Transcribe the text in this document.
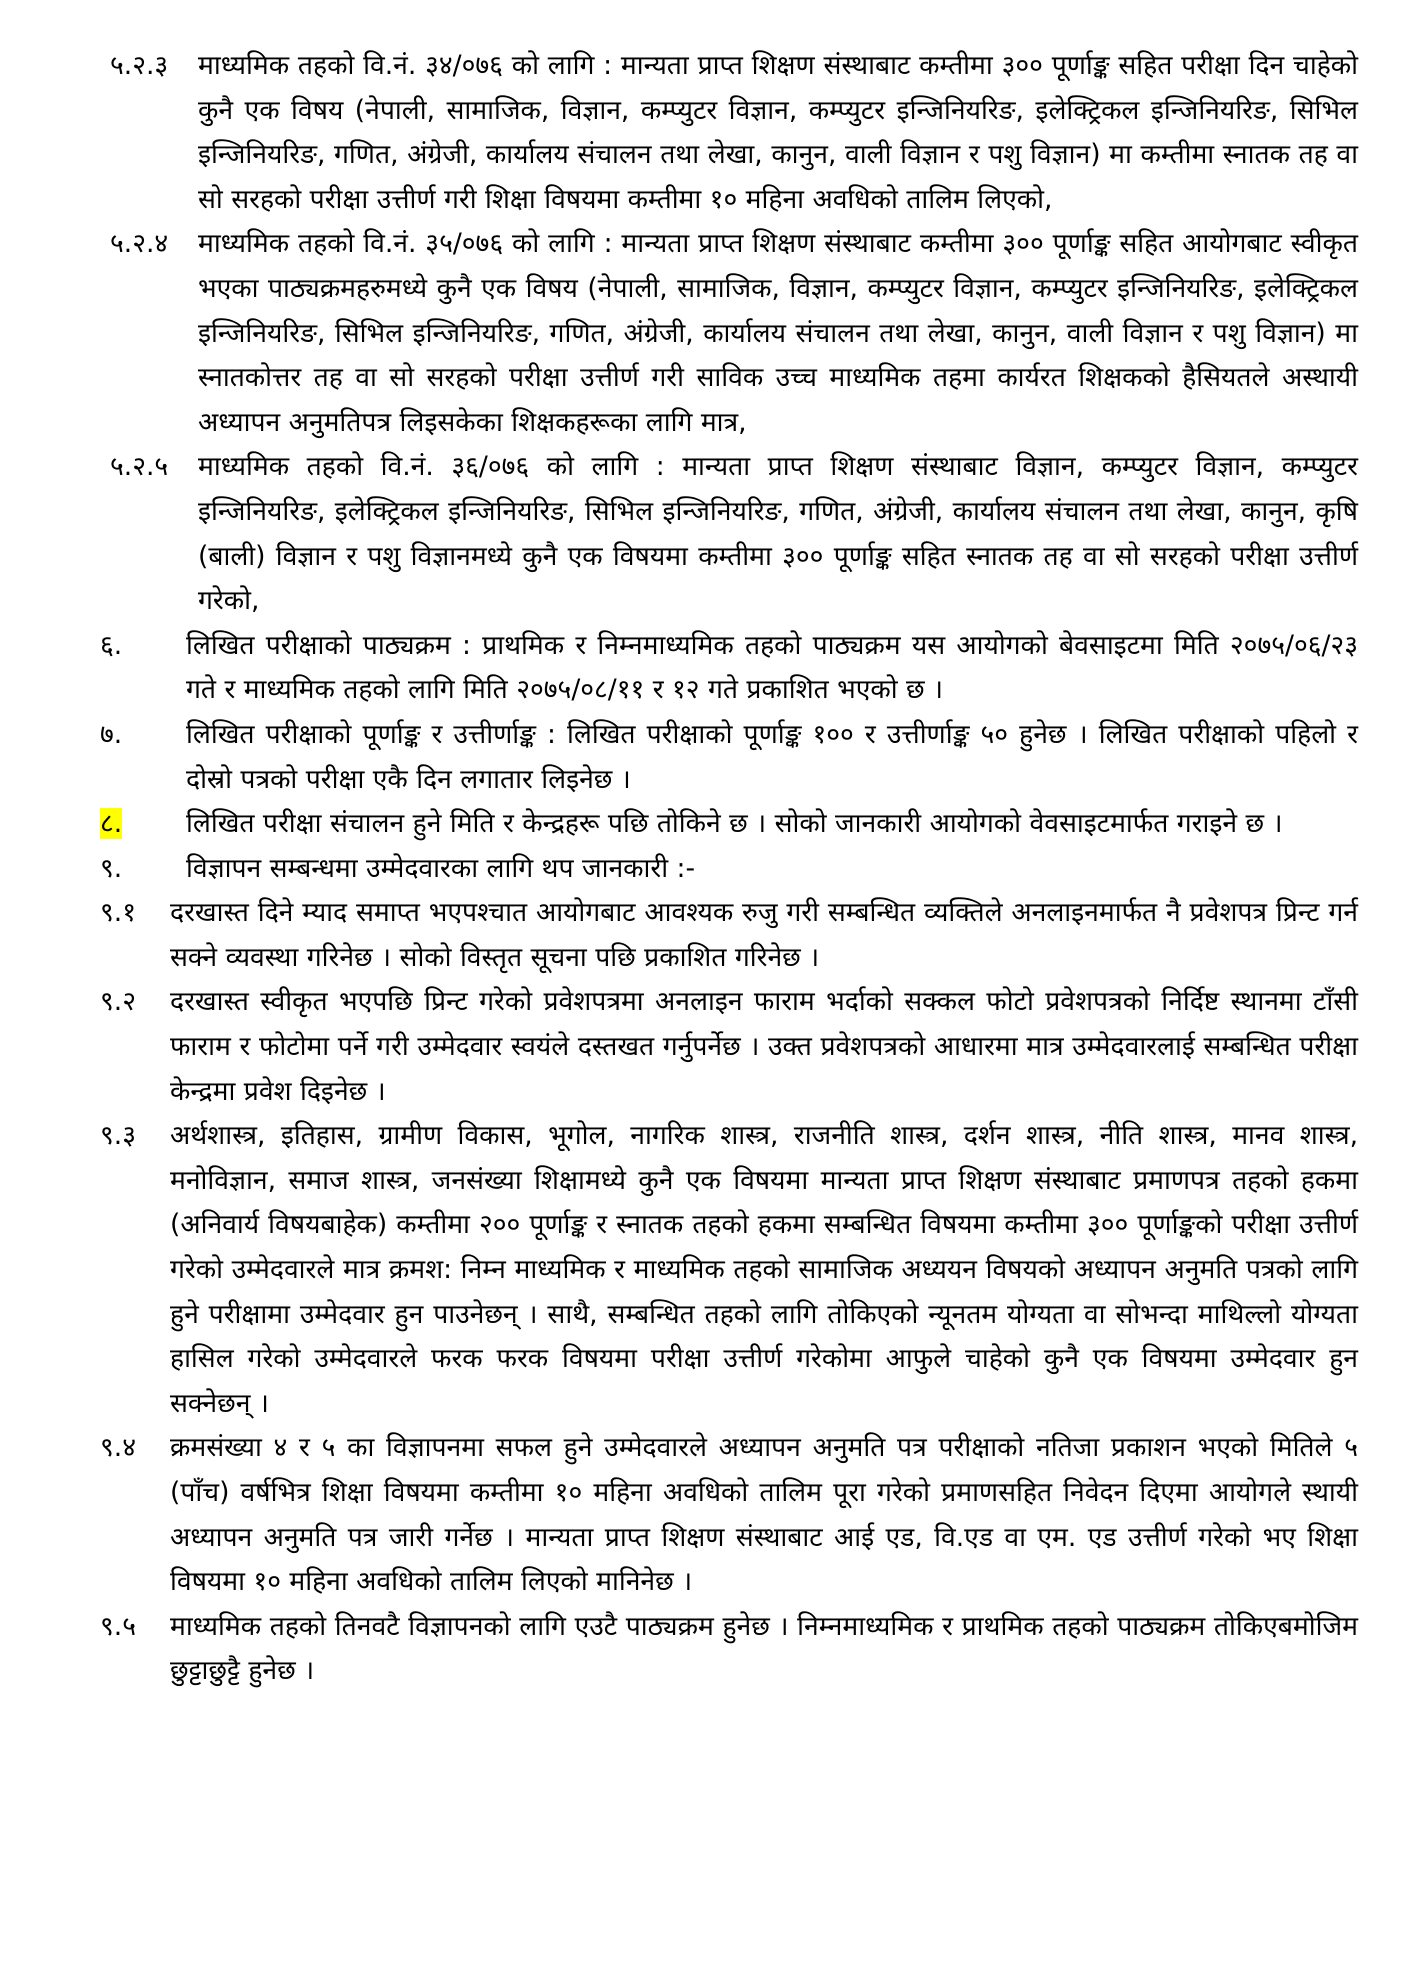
५.२.३	माध्यमिक तहको वि.नं. ३४/०७६ को लागि : मान्यता प्राप्त शिक्षण संस्थाबाट कम्तीमा ३०० पूर्णाङ्क सहित परीक्षा दिन चाहेको कुनै एक विषय (नेपाली, सामाजिक, विज्ञान, कम्प्युटर विज्ञान, कम्प्युटर इन्जिनियरिङ, इलेक्ट्रिकल इन्जिनियरिङ, सिभिल इन्जिनियरिङ, गणित, अंग्रेजी, कार्यालय संचालन तथा लेखा, कानुन, वाली विज्ञान र पशु विज्ञान) मा कम्तीमा स्नातक तह वा सो सरहको परीक्षा उत्तीर्ण गरी शिक्षा विषयमा कम्तीमा १० महिना अवधिको तालिम लिएको,
५.२.४	माध्यमिक तहको वि.नं. ३५/०७६ को लागि : मान्यता प्राप्त शिक्षण संस्थाबाट कम्तीमा ३०० पूर्णाङ्क सहित आयोगबाट स्वीकृत भएका पाठ्यक्रमहरुमध्ये कुनै एक विषय (नेपाली, सामाजिक, विज्ञान, कम्प्युटर विज्ञान, कम्प्युटर इन्जिनियरिङ, इलेक्ट्रिकल इन्जिनियरिङ, सिभिल इन्जिनियरिङ, गणित, अंग्रेजी, कार्यालय संचालन तथा लेखा, कानुन, वाली विज्ञान र पशु विज्ञान) मा स्नातकोत्तर तह वा सो सरहको परीक्षा उत्तीर्ण गरी साविक उच्च माध्यमिक तहमा कार्यरत शिक्षकको हैसियतले अस्थायी अध्यापन अनुमतिपत्र लिइसकेका शिक्षकहरूका लागि मात्र,
५.२.५	माध्यमिक तहको वि.नं. ३६/०७६ को लागि : मान्यता प्राप्त शिक्षण संस्थाबाट विज्ञान, कम्प्युटर विज्ञान, कम्प्युटर इन्जिनियरिङ, इलेक्ट्रिकल इन्जिनियरिङ, सिभिल इन्जिनियरिङ, गणित, अंग्रेजी, कार्यालय संचालन तथा लेखा, कानुन, कृषि (बाली) विज्ञान र पशु विज्ञानमध्ये कुनै एक विषयमा कम्तीमा ३०० पूर्णाङ्क सहित स्नातक तह वा सो सरहको परीक्षा उत्तीर्ण गरेको,
६.	लिखित परीक्षाको पाठ्यक्रम : प्राथमिक र निम्नमाध्यमिक तहको पाठ्यक्रम यस आयोगको बेवसाइटमा मिति २०७५/०६/२३ गते र माध्यमिक तहको लागि मिति २०७५/०८/११ र १२ गते प्रकाशित भएको छ ।
७.	लिखित परीक्षाको पूर्णाङ्क र उत्तीर्णाङ्क : लिखित परीक्षाको पूर्णाङ्क १०० र उत्तीर्णाङ्क ५० हुनेछ । लिखित परीक्षाको पहिलो र दोस्रो पत्रको परीक्षा एकै दिन लगातार लिइनेछ ।
८.	लिखित परीक्षा संचालन हुने मिति र केन्द्रहरू पछि तोकिने छ । सोको जानकारी आयोगको वेवसाइटमार्फत गराइने छ ।
९.	विज्ञापन सम्बन्धमा उम्मेदवारका लागि थप जानकारी :-
९.१	दरखास्त दिने म्याद समाप्त भएपश्चात आयोगबाट आवश्यक रुजु गरी सम्बन्धित व्यक्तिले अनलाइनमार्फत नै प्रवेशपत्र प्रिन्ट गर्न सक्ने व्यवस्था गरिनेछ । सोको विस्तृत सूचना पछि प्रकाशित गरिनेछ ।
९.२	दरखास्त स्वीकृत भएपछि प्रिन्ट गरेको प्रवेशपत्रमा अनलाइन फाराम भर्दाको सक्कल फोटो प्रवेशपत्रको निर्दिष्ट स्थानमा टाँसी फाराम र फोटोमा पर्ने गरी उम्मेदवार स्वयंले दस्तखत गर्नुपर्नेछ । उक्त प्रवेशपत्रको आधारमा मात्र उम्मेदवारलाई सम्बन्धित परीक्षा केन्द्रमा प्रवेश दिइनेछ ।
९.३	अर्थशास्त्र, इतिहास, ग्रामीण विकास, भूगोल, नागरिक शास्त्र, राजनीति शास्त्र, दर्शन शास्त्र, नीति शास्त्र, मानव शास्त्र, मनोविज्ञान, समाज शास्त्र, जनसंख्या शिक्षामध्ये कुनै एक विषयमा मान्यता प्राप्त शिक्षण संस्थाबाट प्रमाणपत्र तहको हकमा (अनिवार्य विषयबाहेक) कम्तीमा २०० पूर्णाङ्क र स्नातक तहको हकमा सम्बन्धित विषयमा कम्तीमा ३०० पूर्णाङ्कको परीक्षा उत्तीर्ण गरेको उम्मेदवारले मात्र क्रमश: निम्न माध्यमिक र माध्यमिक तहको सामाजिक अध्ययन विषयको अध्यापन अनुमति पत्रको लागि हुने परीक्षामा उम्मेदवार हुन पाउनेछन् । साथै, सम्बन्धित तहको लागि तोकिएको न्यूनतम योग्यता वा सोभन्दा माथिल्लो योग्यता हासिल गरेको उम्मेदवारले फरक फरक विषयमा परीक्षा उत्तीर्ण गरेकोमा आफुले चाहेको कुनै एक विषयमा उम्मेदवार हुन सक्नेछन् ।
९.४	क्रमसंख्या ४ र ५ का विज्ञापनमा सफल हुने उम्मेदवारले अध्यापन अनुमति पत्र परीक्षाको नतिजा प्रकाशन भएको मितिले ५ (पाँच) वर्षभित्र शिक्षा विषयमा कम्तीमा १० महिना अवधिको तालिम पूरा गरेको प्रमाणसहित निवेदन दिएमा आयोगले स्थायी अध्यापन अनुमति पत्र जारी गर्नेछ । मान्यता प्राप्त शिक्षण संस्थाबाट आई एड, वि.एड वा एम. एड उत्तीर्ण गरेको भए शिक्षा विषयमा १० महिना अवधिको तालिम लिएको मानिनेछ ।
९.५	माध्यमिक तहको तिनवटै विज्ञापनको लागि एउटै पाठ्यक्रम हुनेछ । निम्नमाध्यमिक र प्राथमिक तहको पाठ्यक्रम तोकिएबमोजिम छुट्टाछुट्टै हुनेछ ।
